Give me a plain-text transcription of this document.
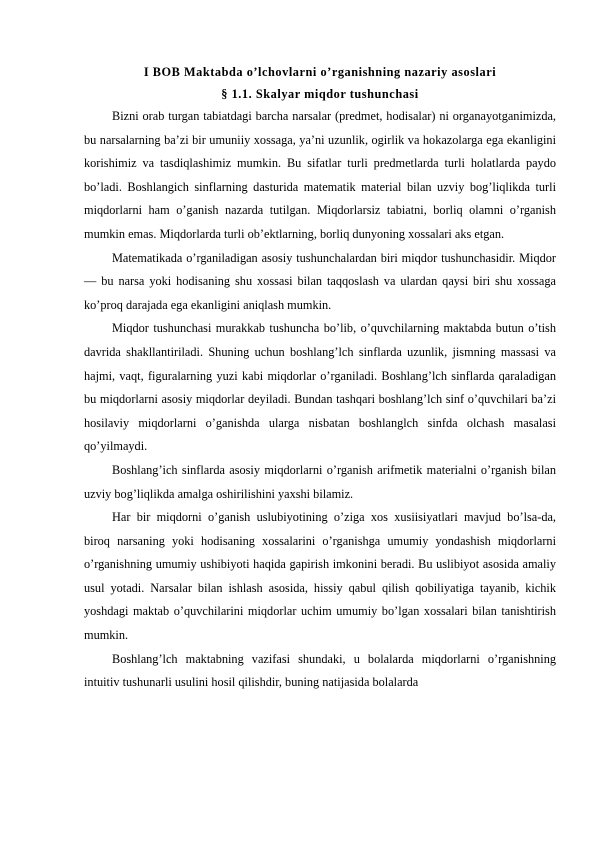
I BOB Maktabda o’lchovlarni o’rganishning nazariy asoslari
§ 1.1. Skalyar miqdor tushunchasi

Bizni orab turgan tabiatdagi barcha narsalar (predmet, hodisalar) ni organayotganimizda, bu narsalarning ba’zi bir umuniiy xossaga, ya’ni uzunlik, ogirlik va hokazolarga ega ekanligini korishimiz va tasdiqlashimiz mumkin. Bu sifatlar turli predmetlarda turli holatlarda paydo bo’ladi. Boshlangich sinflarning dasturida matematik material bilan uzviy bog’liqlikda turli miqdorlarni ham o’ganish nazarda tutilgan. Miqdorlarsiz tabiatni, borliq olamni o’rganish mumkin emas. Miqdorlarda turli ob’ektlarning, borliq dunyoning xossalari aks etgan.

Matematikada o’rganiladigan asosiy tushunchalardan biri miqdor tushunchasidir. Miqdor — bu narsa yoki hodisaning shu xossasi bilan taqqoslash va ulardan qaysi biri shu xossaga ko’proq darajada ega ekanligini aniqlash mumkin.

Miqdor tushunchasi murakkab tushuncha bo’lib, o’quvchilarning maktabda butun o’tish davrida shakllantiriladi. Shuning uchun boshlang’lch sinflarda uzunlik, jismning massasi va hajmi, vaqt, figuralarning yuzi kabi miqdorlar o’rganiladi. Boshlang’lch sinflarda qaraladigan bu miqdorlarni asosiy miqdorlar deyiladi. Bundan tashqari boshlang’lch sinf o’quvchilari ba’zi hosilaviy miqdorlarni o’ganishda ularga nisbatan boshlanglch sinfda olchash masalasi qo’yilmaydi.

Boshlang’ich sinflarda asosiy miqdorlarni o’rganish arifmetik materialni o’rganish bilan uzviy bog’liqlikda amalga oshirilishini yaxshi bilamiz.

Har bir miqdorni o’ganish uslubiyotining o’ziga xos xusiisiyatlari mavjud bo’lsa-da, biroq narsaning yoki hodisaning xossalarini o’rganishga umumiy yondashish miqdorlarni o’rganishning umumiy ushibiyoti haqida gapirish imkonini beradi. Bu uslibiyot asosida amaliy usul yotadi. Narsalar bilan ishlash asosida, hissiy qabul qilish qobiliyatiga tayanib, kichik yoshdagi maktab o’quvchilarini miqdorlar uchim umumiy bo’lgan xossalari bilan tanishtirish mumkin.

Boshlang’lch maktabning vazifasi shundaki, u bolalarda miqdorlarni o’rganishning intuitiv tushunarli usulini hosil qilishdir, buning natijasida bolalarda
